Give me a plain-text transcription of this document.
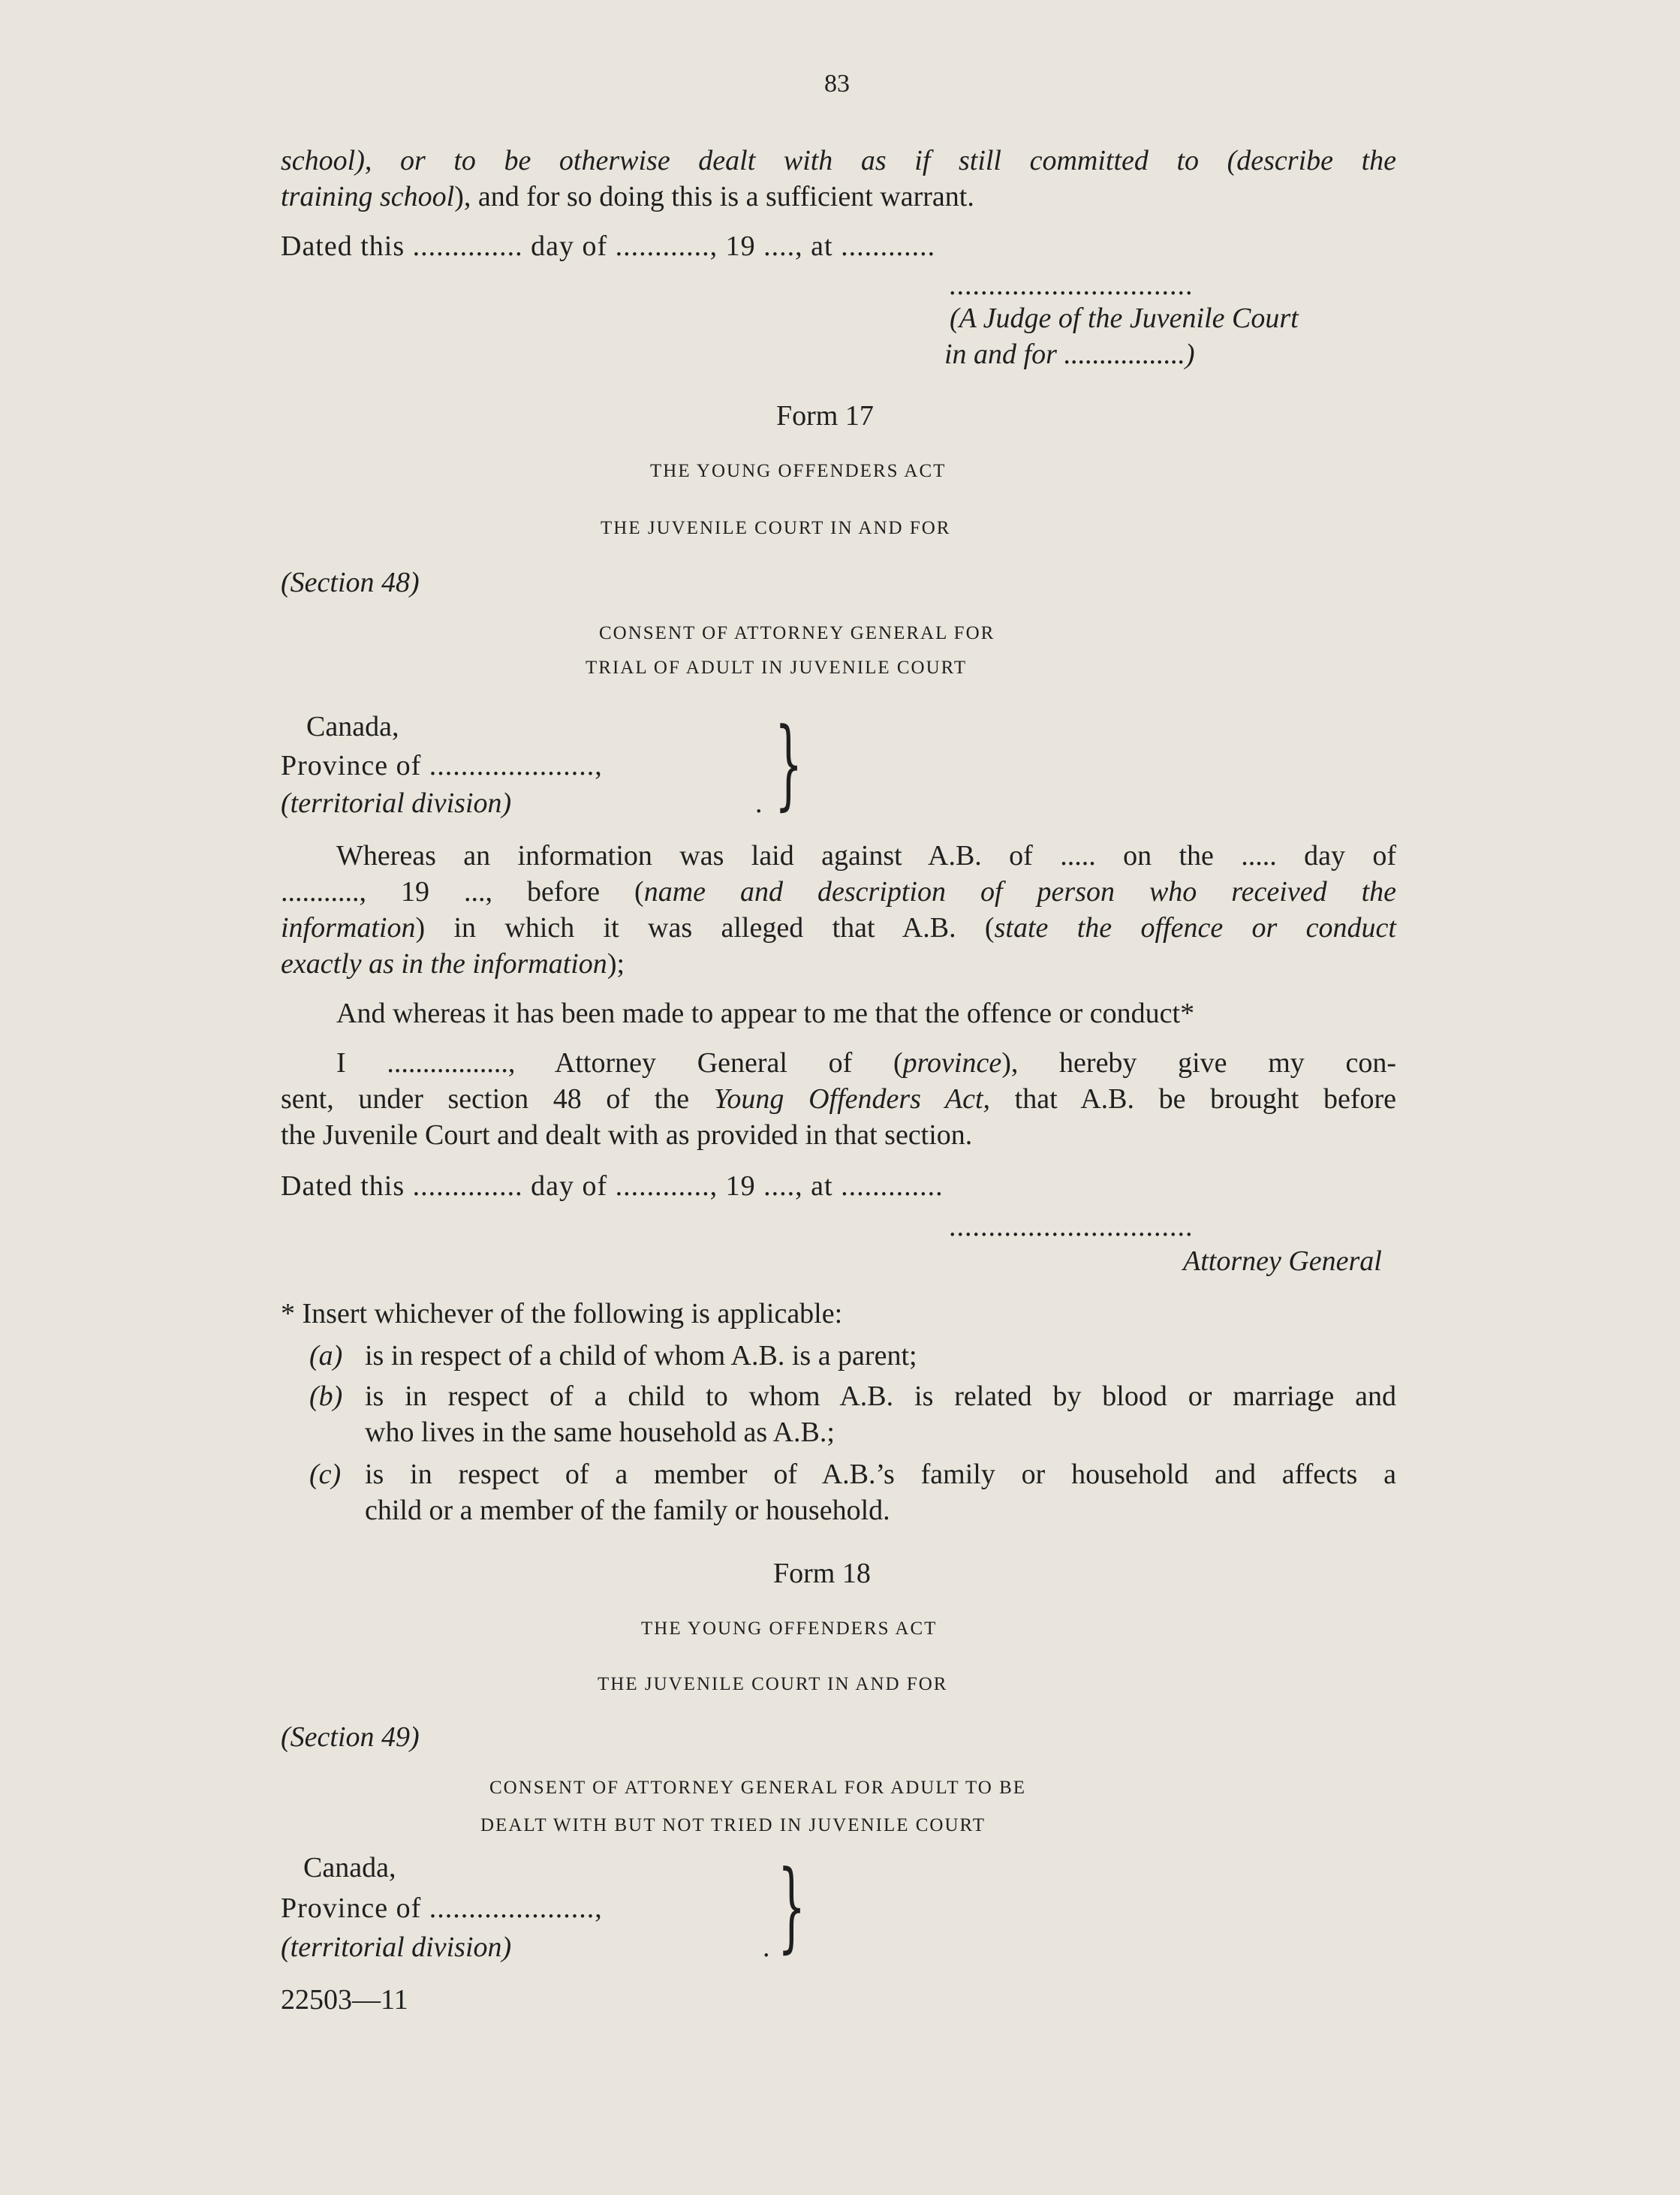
83
school), or to be otherwise dealt with as if still committed to (describe the
training school), and for so doing this is a sufficient warrant.
Dated this .............. day of ............, 19 ...., at ............
...............................
(A Judge of the Juvenile Court
in and for .................)
Form 17
THE YOUNG OFFENDERS ACT
THE JUVENILE COURT IN AND FOR
(Section 48)
CONSENT OF ATTORNEY GENERAL FOR
TRIAL OF ADULT IN JUVENILE COURT
Canada,
Province of .....................,
(territorial division)	. }
Whereas an information was laid against A.B. of ..... on the ..... day of
..........., 19 ..., before (name and description of person who received the
information) in which it was alleged that A.B. (state the offence or conduct
exactly as in the information);
And whereas it has been made to appear to me that the offence or conduct*
I ................., Attorney General of (province), hereby give my con-
sent, under section 48 of the Young Offenders Act, that A.B. be brought before
the Juvenile Court and dealt with as provided in that section.
Dated this .............. day of ............, 19 ...., at .............
...............................
Attorney General
* Insert whichever of the following is applicable:
(a) is in respect of a child of whom A.B. is a parent;
(b) is in respect of a child to whom A.B. is related by blood or marriage and
who lives in the same household as A.B.;
(c) is in respect of a member of A.B.’s family or household and affects a
child or a member of the family or household.
Form 18
THE YOUNG OFFENDERS ACT
THE JUVENILE COURT IN AND FOR
(Section 49)
CONSENT OF ATTORNEY GENERAL FOR ADULT TO BE
DEALT WITH BUT NOT TRIED IN JUVENILE COURT
Canada,
Province of .....................,
(territorial division)	. }
22503—11
